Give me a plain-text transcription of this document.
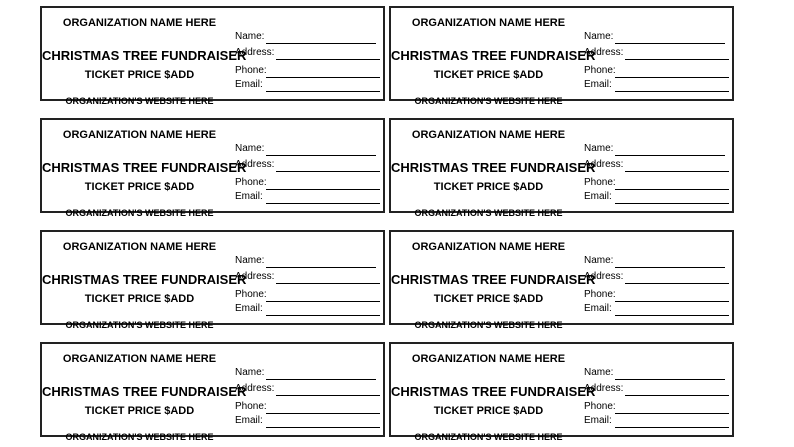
ORGANIZATION NAME HERE
CHRISTMAS TREE FUNDRAISER
TICKET PRICE $ADD
ORGANIZATION'S WEBSITE HERE
Name:
Address:
Phone:
Email:
ORGANIZATION NAME HERE
CHRISTMAS TREE FUNDRAISER
TICKET PRICE $ADD
ORGANIZATION'S WEBSITE HERE
Name:
Address:
Phone:
Email:
ORGANIZATION NAME HERE
CHRISTMAS TREE FUNDRAISER
TICKET PRICE $ADD
ORGANIZATION'S WEBSITE HERE
Name:
Address:
Phone:
Email:
ORGANIZATION NAME HERE
CHRISTMAS TREE FUNDRAISER
TICKET PRICE $ADD
ORGANIZATION'S WEBSITE HERE
Name:
Address:
Phone:
Email:
ORGANIZATION NAME HERE
CHRISTMAS TREE FUNDRAISER
TICKET PRICE $ADD
ORGANIZATION'S WEBSITE HERE
Name:
Address:
Phone:
Email:
ORGANIZATION NAME HERE
CHRISTMAS TREE FUNDRAISER
TICKET PRICE $ADD
ORGANIZATION'S WEBSITE HERE
Name:
Address:
Phone:
Email:
ORGANIZATION NAME HERE
CHRISTMAS TREE FUNDRAISER
TICKET PRICE $ADD
ORGANIZATION'S WEBSITE HERE
Name:
Address:
Phone:
Email:
ORGANIZATION NAME HERE
CHRISTMAS TREE FUNDRAISER
TICKET PRICE $ADD
ORGANIZATION'S WEBSITE HERE
Name:
Address:
Phone:
Email:
